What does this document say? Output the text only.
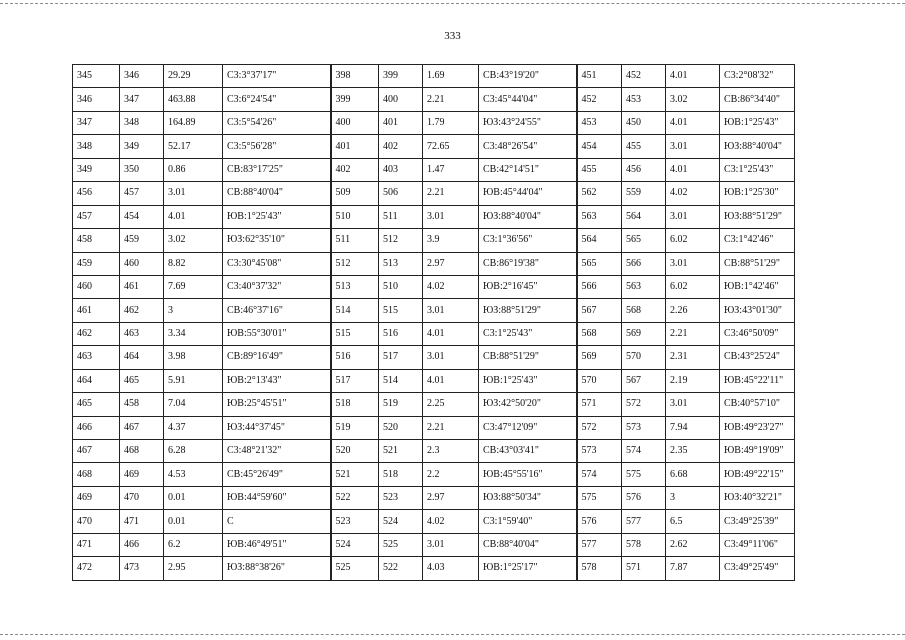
333
345	346	29.29	С3:3°37'17"	398	399	1.69	СВ:43°19'20"	451	452	4.01	С3:2°08'32"
346	347	463.88	С3:6°24'54"	399	400	2.21	С3:45°44'04"	452	453	3.02	СВ:86°34'40"
347	348	164.89	С3:5°54'26"	400	401	1.79	ЮЗ:43°24'55"	453	450	4.01	ЮВ:1°25'43"
348	349	52.17	С3:5°56'28"	401	402	72.65	С3:48°26'54"	454	455	3.01	ЮЗ:88°40'04"
349	350	0.86	СВ:83°17'25"	402	403	1.47	СВ:42°14'51"	455	456	4.01	С3:1°25'43"
456	457	3.01	СВ:88°40'04"	509	506	2.21	ЮВ:45°44'04"	562	559	4.02	ЮВ:1°25'30"
457	454	4.01	ЮВ:1°25'43"	510	511	3.01	ЮЗ:88°40'04"	563	564	3.01	ЮЗ:88°51'29"
458	459	3.02	ЮЗ:62°35'10"	511	512	3.9	С3:1°36'56"	564	565	6.02	С3:1°42'46"
459	460	8.82	С3:30°45'08"	512	513	2.97	СВ:86°19'38"	565	566	3.01	СВ:88°51'29"
460	461	7.69	С3:40°37'32"	513	510	4.02	ЮВ:2°16'45"	566	563	6.02	ЮВ:1°42'46"
461	462	3	СВ:46°37'16"	514	515	3.01	ЮЗ:88°51'29"	567	568	2.26	ЮЗ:43°01'30"
462	463	3.34	ЮВ:55°30'01"	515	516	4.01	С3:1°25'43"	568	569	2.21	С3:46°50'09"
463	464	3.98	СВ:89°16'49"	516	517	3.01	СВ:88°51'29"	569	570	2.31	СВ:43°25'24"
464	465	5.91	ЮВ:2°13'43"	517	514	4.01	ЮВ:1°25'43"	570	567	2.19	ЮВ:45°22'11"
465	458	7.04	ЮВ:25°45'51"	518	519	2.25	ЮЗ:42°50'20"	571	572	3.01	СВ:40°57'10"
466	467	4.37	ЮЗ:44°37'45"	519	520	2.21	С3:47°12'09"	572	573	7.94	ЮВ:49°23'27"
467	468	6.28	С3:48°21'32"	520	521	2.3	СВ:43°03'41"	573	574	2.35	ЮВ:49°19'09"
468	469	4.53	СВ:45°26'49"	521	518	2.2	ЮВ:45°55'16"	574	575	6.68	ЮВ:49°22'15"
469	470	0.01	ЮВ:44°59'60"	522	523	2.97	ЮЗ:88°50'34"	575	576	3	ЮЗ:40°32'21"
470	471	0.01	С	523	524	4.02	С3:1°59'40"	576	577	6.5	С3:49°25'39"
471	466	6.2	ЮВ:46°49'51"	524	525	3.01	СВ:88°40'04"	577	578	2.62	С3:49°11'06"
472	473	2.95	ЮЗ:88°38'26"	525	522	4.03	ЮВ:1°25'17"	578	571	7.87	С3:49°25'49"
